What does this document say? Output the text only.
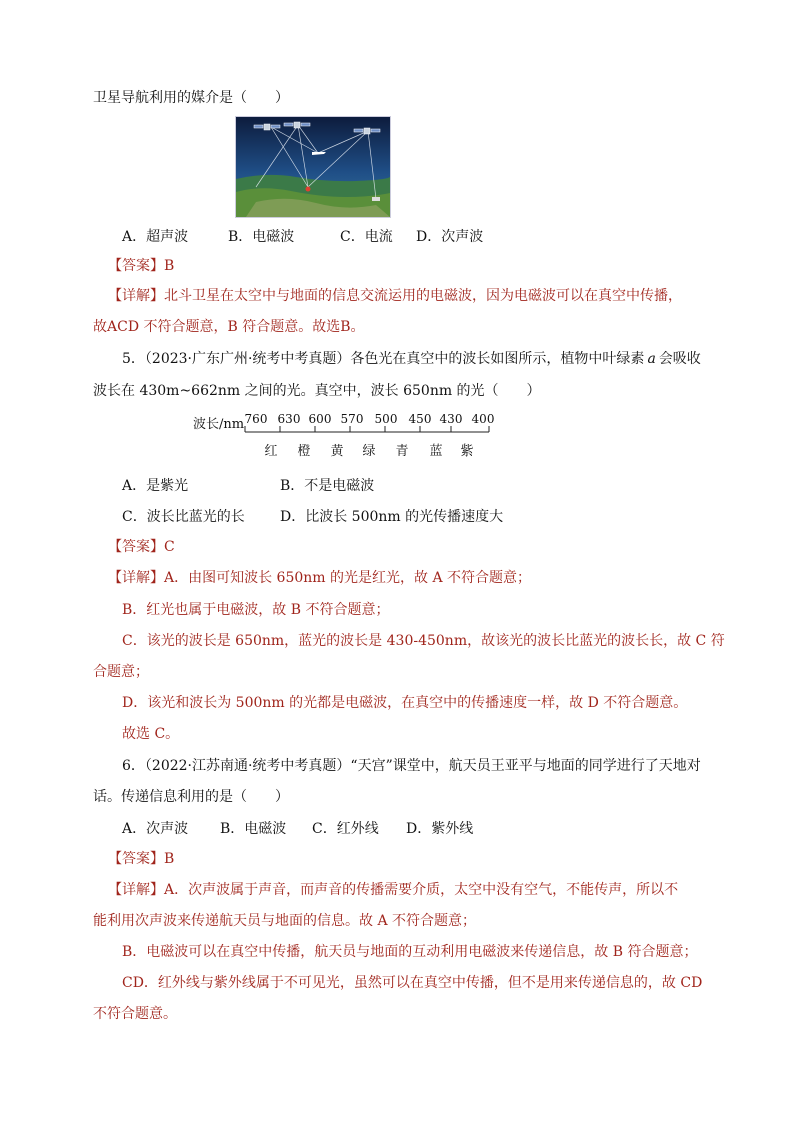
卫星导航利用的媒介是（　　）
A．超声波	B．电磁波	C．电流 D．次声波
【答案】B
【详解】北斗卫星在太空中与地面的信息交流运用的电磁波，因为电磁波可以在真空中传播，
故ACD 不符合题意，B 符合题意。故选B。
5．（2023·广东广州·统考中考真题）各色光在真空中的波长如图所示，植物中叶绿素 a 会吸收
波长在 430m~662nm 之间的光。真空中，波长 650nm 的光（　　）
波长/nm 760 630 600 570 500 450 430 400
红 橙 黄 绿 青 蓝 紫
A．是紫光	B．不是电磁波
C．波长比蓝光的长	D．比波长 500nm 的光传播速度大
【答案】C
【详解】A．由图可知波长 650nm 的光是红光，故 A 不符合题意；
B．红光也属于电磁波，故 B 不符合题意；
C．该光的波长是 650nm，蓝光的波长是 430-450nm，故该光的波长比蓝光的波长长，故 C 符
合题意；
D．该光和波长为 500nm 的光都是电磁波，在真空中的传播速度一样，故 D 不符合题意。
故选 C。
6．（2022·江苏南通·统考中考真题）“天宫”课堂中，航天员王亚平与地面的同学进行了天地对
话。传递信息利用的是（　　）
A．次声波 B．电磁波 C．红外线 D．紫外线
【答案】B
【详解】A．次声波属于声音，而声音的传播需要介质，太空中没有空气，不能传声，所以不
能利用次声波来传递航天员与地面的信息。故 A 不符合题意；
B．电磁波可以在真空中传播，航天员与地面的互动利用电磁波来传递信息，故 B 符合题意；
CD．红外线与紫外线属于不可见光，虽然可以在真空中传播，但不是用来传递信息的，故 CD
不符合题意。
